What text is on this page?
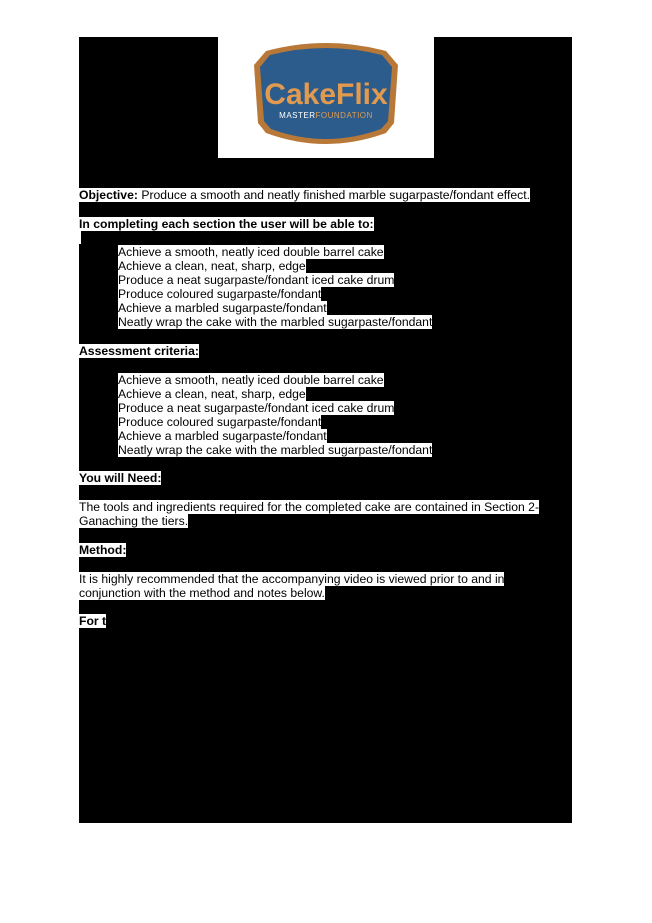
CakeFlix
MASTERFOUNDATION
Objective: Produce a smooth and neatly finished marble sugarpaste/fondant effect.
In completing each section the user will be able to:
Achieve a smooth, neatly iced double barrel cake
Achieve a clean, neat, sharp, edge
Produce a neat sugarpaste/fondant iced cake drum
Produce coloured sugarpaste/fondant
Achieve a marbled sugarpaste/fondant
Neatly wrap the cake with the marbled sugarpaste/fondant
Assessment criteria:
Achieve a smooth, neatly iced double barrel cake
Achieve a clean, neat, sharp, edge
Produce a neat sugarpaste/fondant iced cake drum
Produce coloured sugarpaste/fondant
Achieve a marbled sugarpaste/fondant
Neatly wrap the cake with the marbled sugarpaste/fondant
You will Need:
The tools and ingredients required for the completed cake are contained in Section 2-
Ganaching the tiers.
Method:
It is highly recommended that the accompanying video is viewed prior to and in
conjunction with the method and notes below.
For t
